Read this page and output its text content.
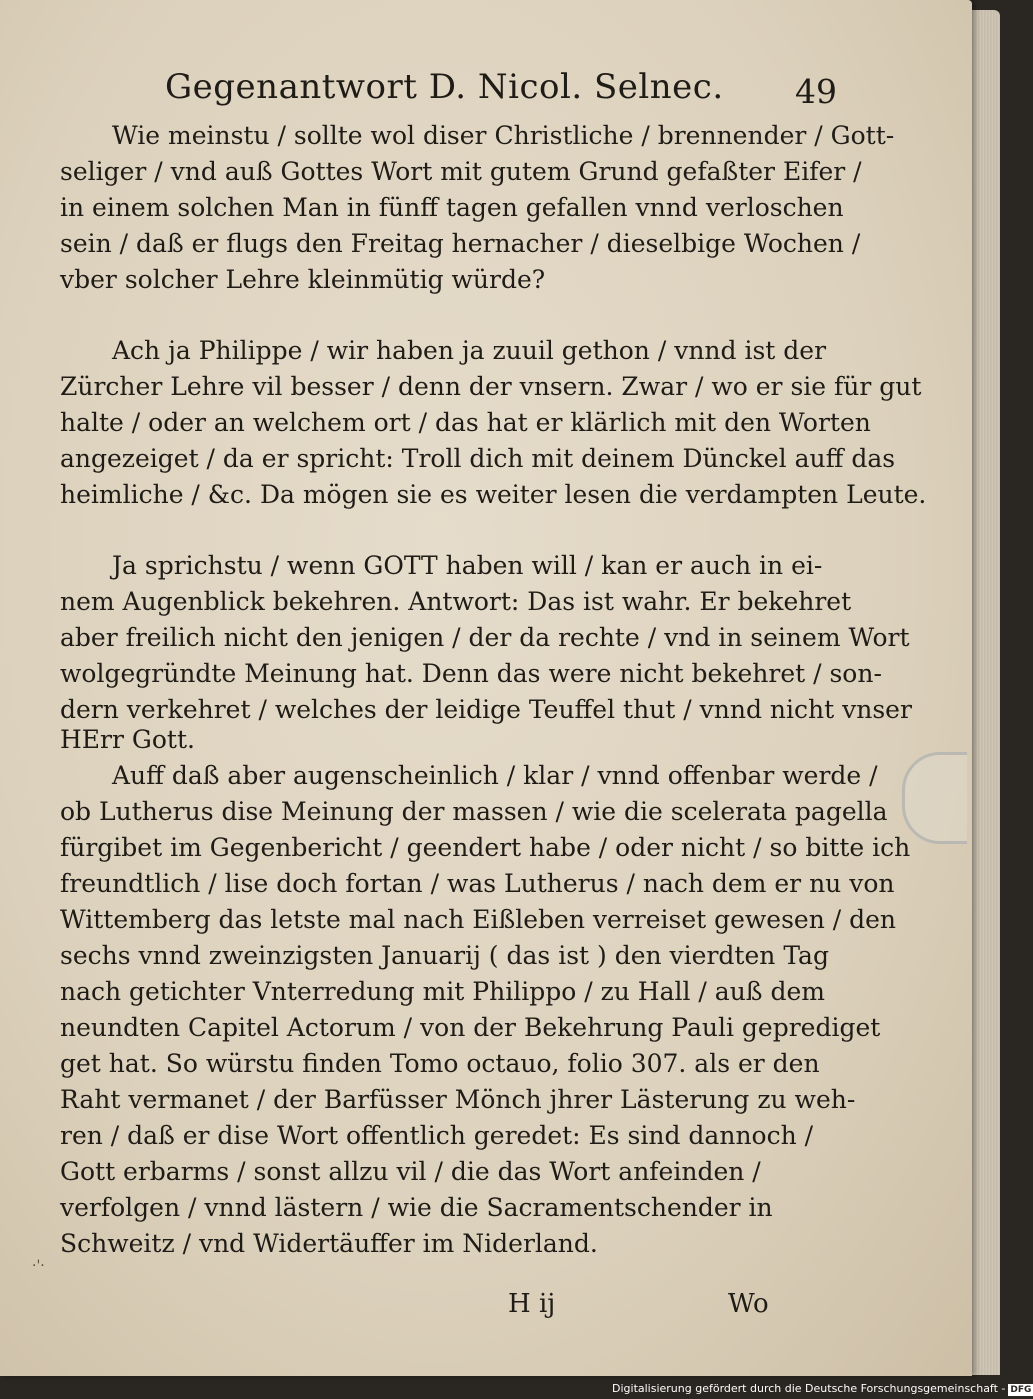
Gegenantwort D. Nicol. Selnec. 49
Wie meinstu / sollte wol diser Christliche / brennender / Gott-
seliger / vnd auß Gottes Wort mit gutem Grund gefaßter Eifer /
in einem solchen Man in fünff tagen gefallen vnnd verloschen
sein / daß er flugs den Freitag hernacher / dieselbige Wochen /
vber solcher Lehre kleinmütig würde?
Ach ja Philippe / wir haben ja zuuil gethon / vnnd ist der
Zürcher Lehre vil besser / denn der vnsern. Zwar / wo er sie für gut
halte / oder an welchem ort / das hat er klärlich mit den Worten
angezeiget / da er spricht: Troll dich mit deinem Dünckel auff das
heimliche / &c. Da mögen sie es weiter lesen die verdampten Leute.
Ja sprichstu / wenn GOTT haben will / kan er auch in ei-
nem Augenblick bekehren. Antwort: Das ist wahr. Er bekehret
aber freilich nicht den jenigen / der da rechte / vnd in seinem Wort
wolgegründte Meinung hat. Denn das were nicht bekehret / son-
dern verkehret / welches der leidige Teuffel thut / vnnd nicht vnser
HErr Gott.
Auff daß aber augenscheinlich / klar / vnnd offenbar werde /
ob Lutherus dise Meinung der massen / wie die scelerata pagella
fürgibet im Gegenbericht / geendert habe / oder nicht / so bitte ich
freundtlich / lise doch fortan / was Lutherus / nach dem er nu von
Wittemberg das letste mal nach Eißleben verreiset gewesen / den
sechs vnnd zweinzigsten Januarij ( das ist ) den vierdten Tag
nach getichter Vnterredung mit Philippo / zu Hall / auß dem
neundten Capitel Actorum / von der Bekehrung Pauli geprediget
get hat. So würstu finden Tomo octauo, folio 307. als er den
Raht vermanet / der Barfüsser Mönch jhrer Lästerung zu weh-
ren / daß er dise Wort offentlich geredet: Es sind dannoch /
Gott erbarms / sonst allzu vil / die das Wort anfeinden /
verfolgen / vnnd lästern / wie die Sacramentschender in
Schweitz / vnd Widertäuffer im Niderland.
·'·
H ij	Wo
Digitalisierung gefördert durch die Deutsche Forschungsgemeinschaft - DFG
